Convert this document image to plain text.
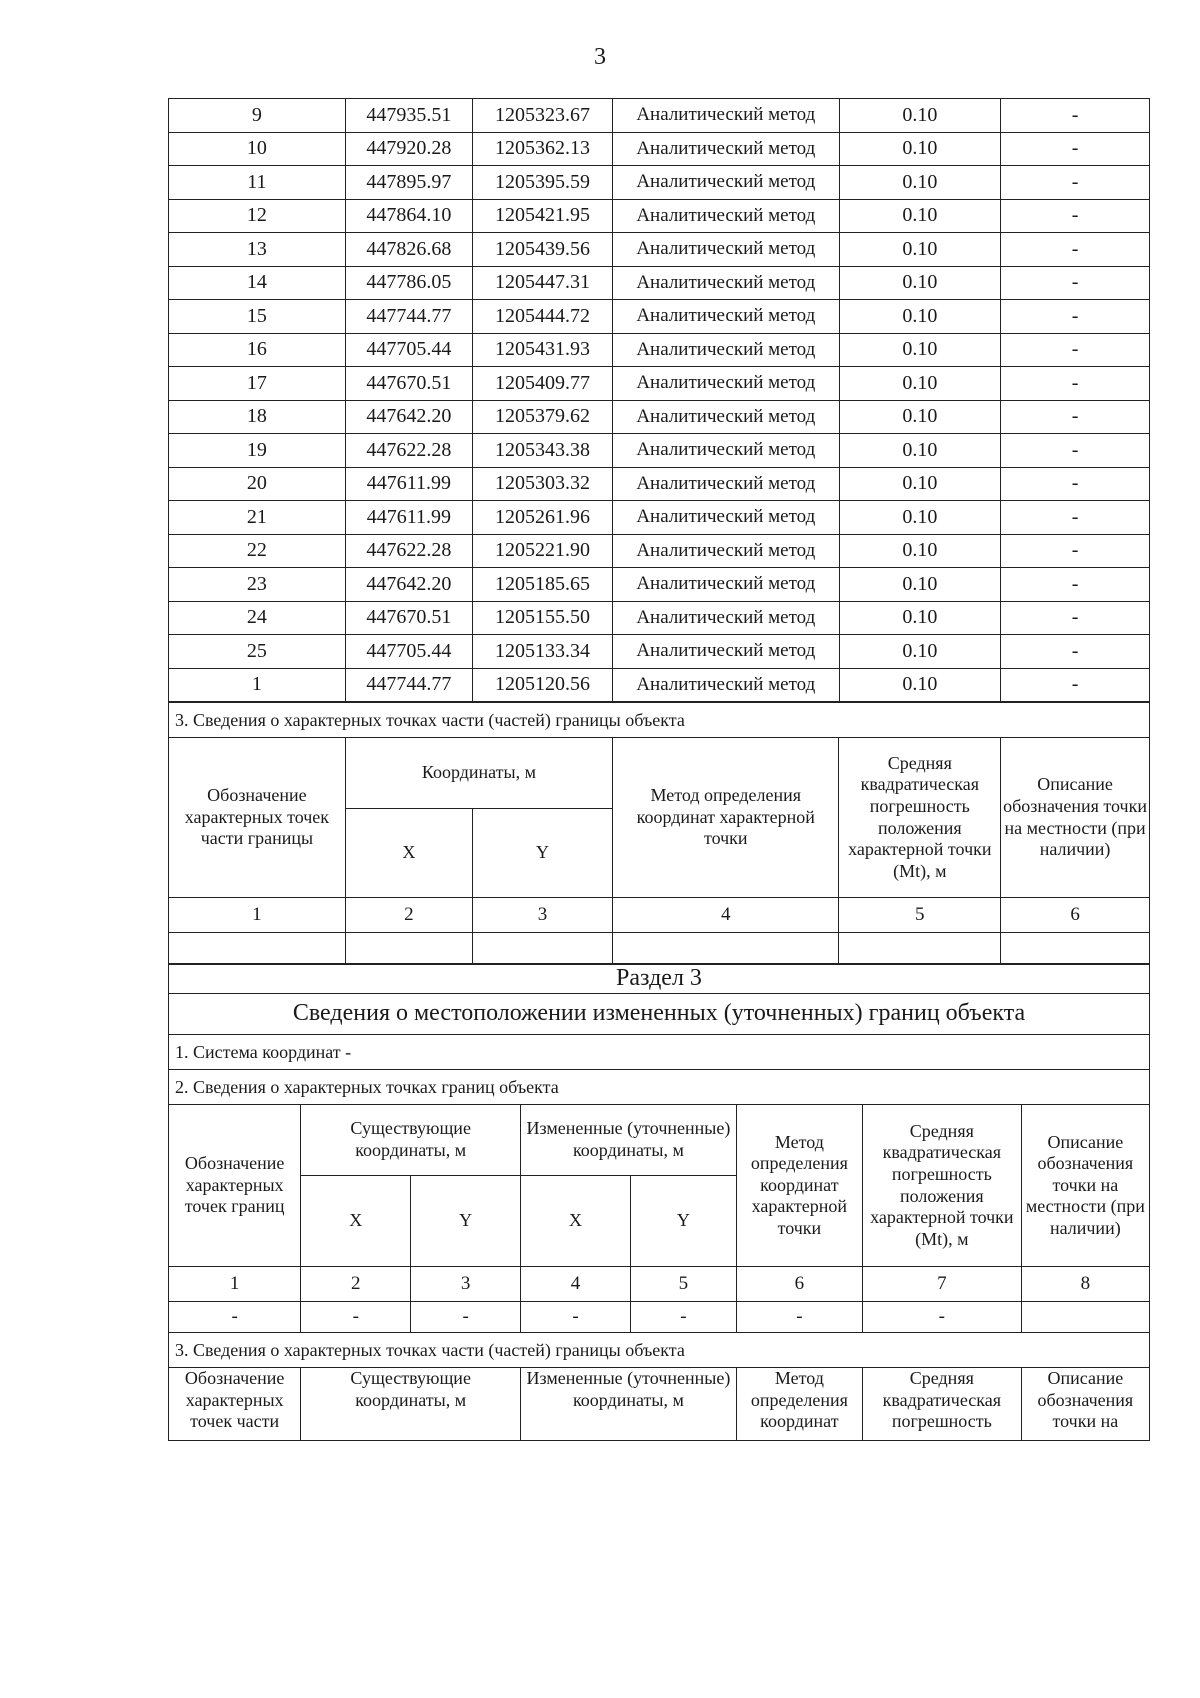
3
9	447935.51	1205323.67	Аналитический метод	0.10	-
10	447920.28	1205362.13	Аналитический метод	0.10	-
11	447895.97	1205395.59	Аналитический метод	0.10	-
12	447864.10	1205421.95	Аналитический метод	0.10	-
13	447826.68	1205439.56	Аналитический метод	0.10	-
14	447786.05	1205447.31	Аналитический метод	0.10	-
15	447744.77	1205444.72	Аналитический метод	0.10	-
16	447705.44	1205431.93	Аналитический метод	0.10	-
17	447670.51	1205409.77	Аналитический метод	0.10	-
18	447642.20	1205379.62	Аналитический метод	0.10	-
19	447622.28	1205343.38	Аналитический метод	0.10	-
20	447611.99	1205303.32	Аналитический метод	0.10	-
21	447611.99	1205261.96	Аналитический метод	0.10	-
22	447622.28	1205221.90	Аналитический метод	0.10	-
23	447642.20	1205185.65	Аналитический метод	0.10	-
24	447670.51	1205155.50	Аналитический метод	0.10	-
25	447705.44	1205133.34	Аналитический метод	0.10	-
1	447744.77	1205120.56	Аналитический метод	0.10	-
3. Сведения о характерных точках части (частей) границы объекта					
Обозначение характерных точек части границы	Координаты, м		Метод определения координат характерной точки	Средняя квадратическая погрешность положения характерной точки (Mt), м	Описание обозначения точки на местности (при наличии)
	X	Y			
1	2	3	4	5	6

Раздел 3							
Сведения о местоположении измененных (уточненных) границ объекта							
1. Система координат -							
2. Сведения о характерных точках границ объекта							
Обозначение характерных точек границ	Существующие координаты, м		Измененные (уточненные) координаты, м		Метод определения координат характерной точки	Средняя квадратическая погрешность положения характерной точки (Mt), м	Описание обозначения точки на местности (при наличии)
	X	Y	X	Y			
1	2	3	4	5	6	7	8
-	-	-	-	-	-	-	
3. Сведения о характерных точках части (частей) границы объекта							
Обозначение характерных точек части	Существующие координаты, м		Измененные (уточненные) координаты, м		Метод определения координат	Средняя квадратическая погрешность	Описание обозначения точки на
